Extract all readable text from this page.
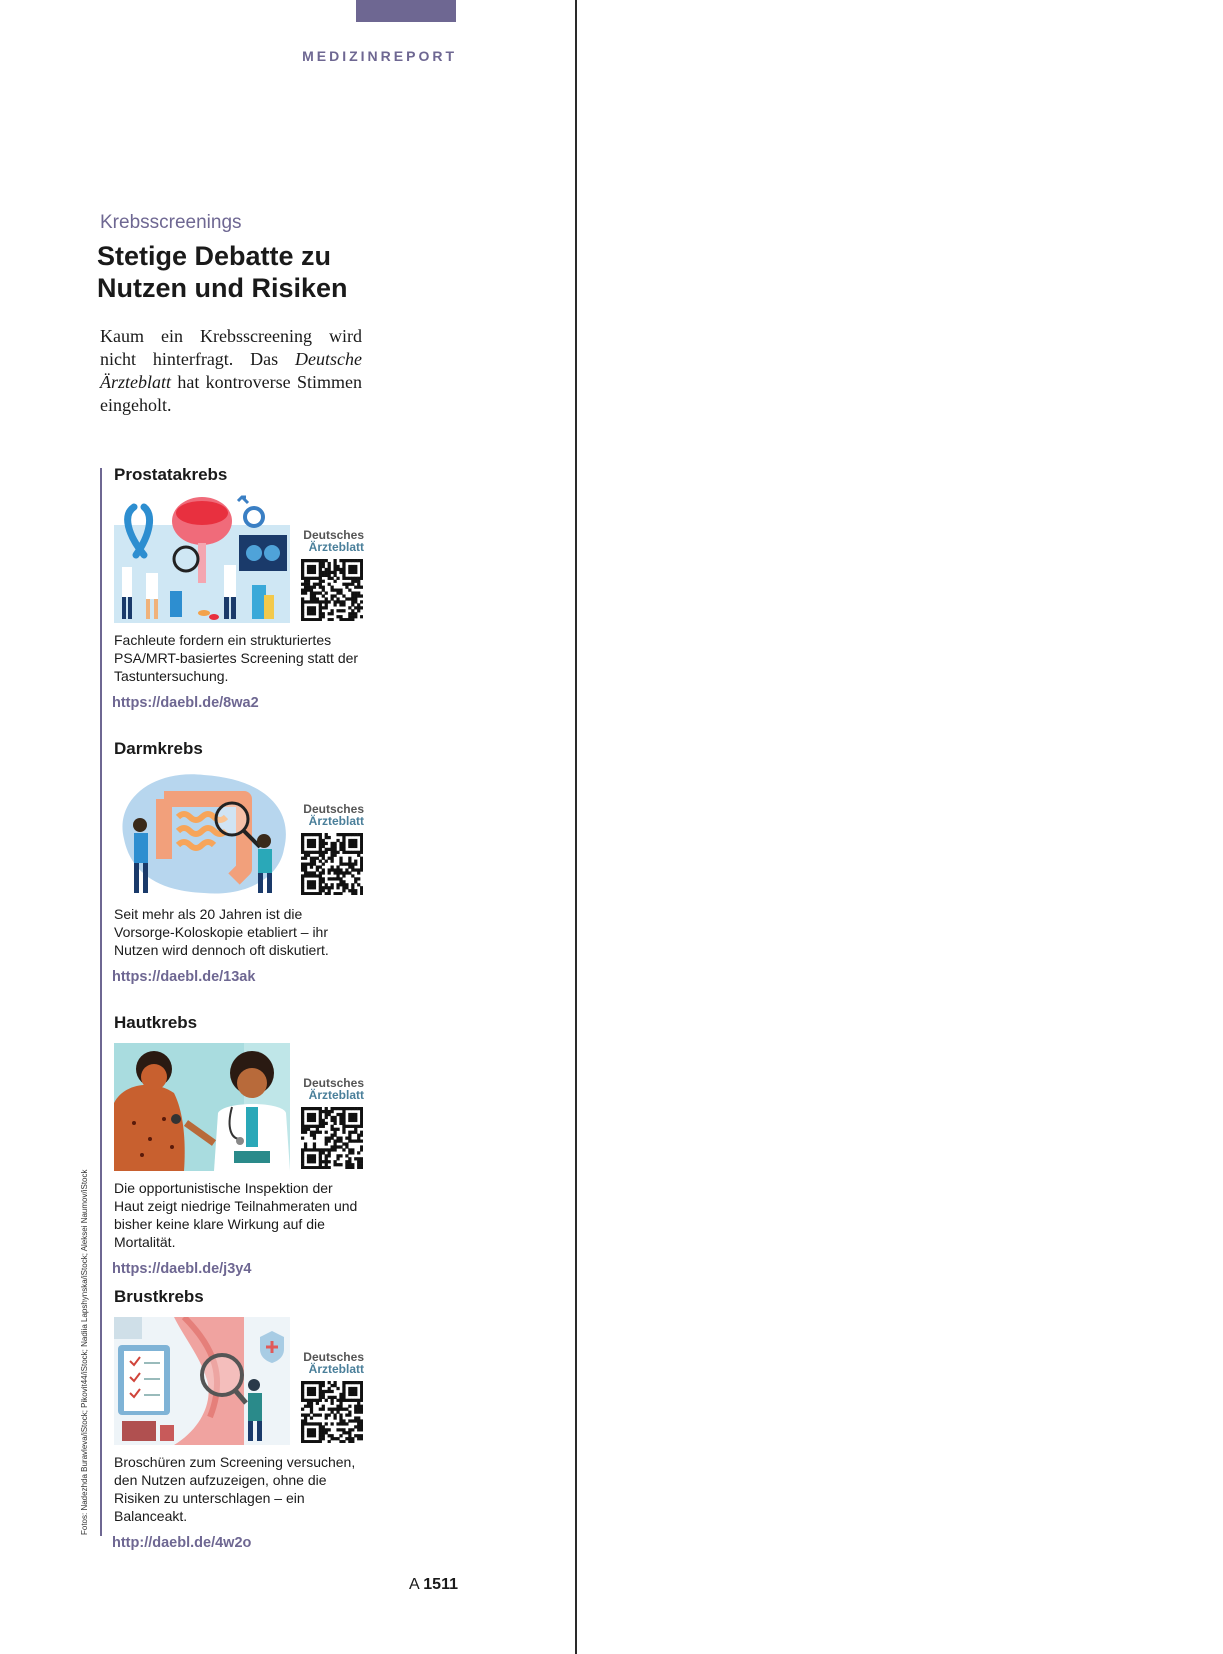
MEDIZINREPORT
Krebsscreenings
Stetige Debatte zu
Nutzen und Risiken
Kaum ein Krebsscreening wird nicht hinterfragt. Das Deutsche Ärzteblatt hat kontroverse Stimmen eingeholt.
Prostatakrebs
Deutsches
Ärzteblatt
Fachleute fordern ein strukturiertes PSA/MRT-basiertes Screening statt der Tastuntersuchung.
https://daebl.de/8wa2
Darmkrebs
Deutsches
Ärzteblatt
Seit mehr als 20 Jahren ist die Vorsorge-Koloskopie etabliert – ihr Nutzen wird dennoch oft diskutiert.
https://daebl.de/13ak
Hautkrebs
Deutsches
Ärzteblatt
Die opportunistische Inspektion der Haut zeigt niedrige Teilnahmeraten und bisher keine klare Wirkung auf die Mortalität.
https://daebl.de/j3y4
Brustkrebs
Deutsches
Ärzteblatt
Broschüren zum Screening versuchen, den Nutzen aufzuzeigen, ohne die Risiken zu unterschlagen – ein Balanceakt.
http://daebl.de/4w2o
Fotos: Nadezhda Buravleva/iStock; Pikovit44/iStock; Nadiia Lapshynska/iStock; Aleksei Naumov/iStock
A 1511
